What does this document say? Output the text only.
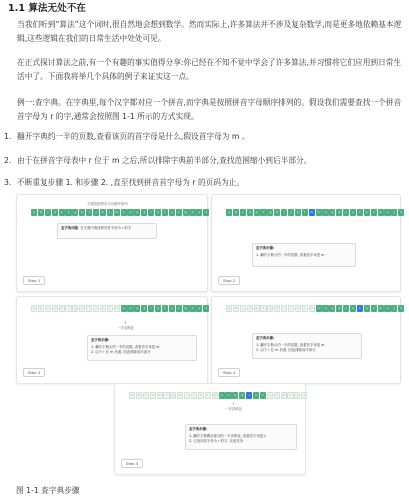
1.1 算法无处不在
当我们听到“算法”这个词时,很自然地会想到数学。然而实际上,许多算法并不涉及复杂数学,而是更多地依赖基本逻辑,这些逻辑在我们的日常生活中处处可见。
在正式探讨算法之前,有一个有趣的事实值得分享:你已经在不知不觉中学会了许多算法,并习惯将它们应用到日常生活中了。下面我将举几个具体的例子来证实这一点。
例一:查字典。在字典里,每个汉字都对应一个拼音,而字典是按照拼音字母顺序排列的。假设我们需要查找一个拼音首字母为 r 的字,通常会按照图 1-1 所示的方式实现。
1. 翻开字典约一半的页数,查看该页的首字母是什么,假设首字母为 m 。
2. 由于在拼音字母表中 r 位于 m 之后,所以排除字典前半部分,查找范围缩小到后半部分。
3. 不断重复步骤 1. 和步骤 2. ,直至找到拼音首字母为 r 的页码为止。
字典按照拼音字母顺序排列
a	b	c	d	e	f	g	h	i	j	k	l	m	n	o	p	q	r	s	t	u	v	w	x	y	z
查字典问题: 在字典中查找拼音首字母为 r 的字
Step 1
a	b	c	d	e	f	g	h	i	j	k	l	m	n	o	p	q	r	s	t	u	v	w	x	y	z
查字典步骤:
1. 翻开字典大约一半的页数, 查看首字母是 m
Step 2
a	b	c	d	e	f	g	h	i	j	k	l	m	n	o	p	q	r	s	t	u	v	w	x	y	z
↑
一半页码处
查字典步骤:
1. 翻开字典大约一半的页数, 查看首字母是 m
2. 由于 r 在 m 后面, 因此排除前半部分
Step 3
a	b	c	d	e	f	g	h	i	j	k	l	m	n	o	p	q	r	s	t	u	v	w	x	y	z
查字典步骤:
1. 翻开字典大约一半的页数, 查看首字母是 m
2. 由于 r 在 m 后面, 因此排除前半部分
Step 4
a	b	c	d	e	f	g	h	i	j	k	l	m	n	o	p	q	r	s	t	u	v	w	x	y	z
↑
一半页码处
查字典步骤:
1. 翻开字典剩余部分的一半页码处, 查看首字母是 t
2. 已找到首字母为 r 的字, 完成任务
Step 5
图 1-1 查字典步骤
